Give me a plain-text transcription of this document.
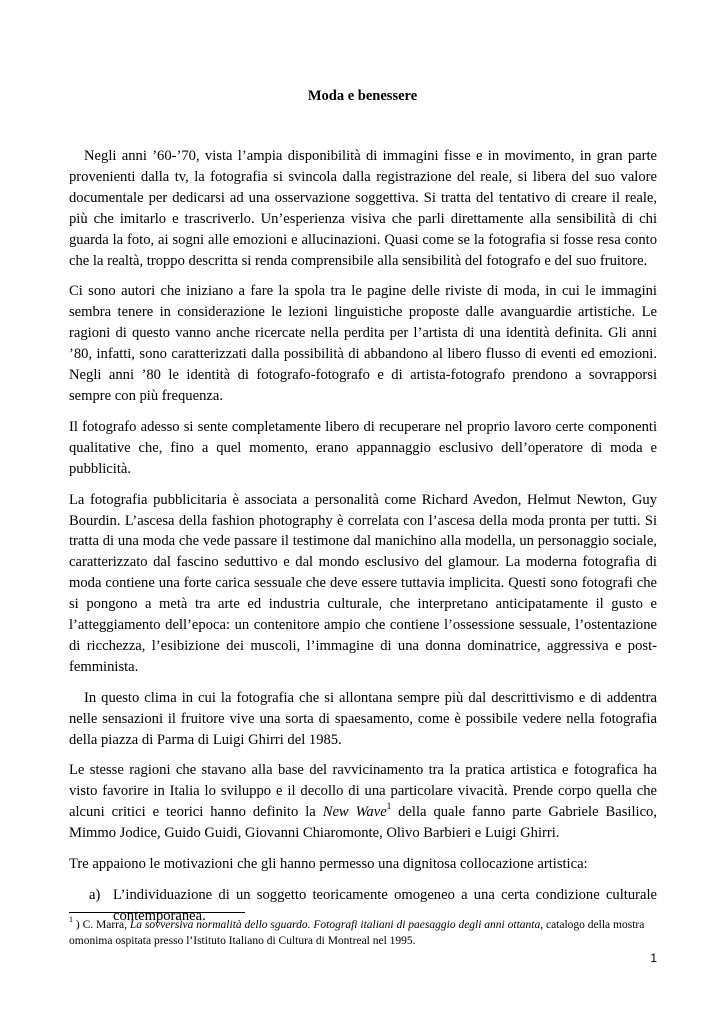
Moda e benessere

Negli anni ’60-’70, vista l’ampia disponibilità di immagini fisse e in movimento, in gran parte provenienti dalla tv, la fotografia si svincola dalla registrazione del reale, si libera del suo valore documentale per dedicarsi ad una osservazione soggettiva. Si tratta del tentativo di creare il reale, più che imitarlo e trascriverlo. Un’esperienza visiva che parli direttamente alla sensibilità di chi guarda la foto, ai sogni alle emozioni e allucinazioni. Quasi come se la fotografia si fosse resa conto che la realtà, troppo descritta si renda comprensibile alla sensibilità del fotografo e del suo fruitore.

Ci sono autori che iniziano a fare la spola tra le pagine delle riviste di moda, in cui le immagini sembra tenere in considerazione le lezioni linguistiche proposte dalle avanguardie artistiche. Le ragioni di questo vanno anche ricercate nella perdita per l’artista di una identità definita. Gli anni ’80, infatti, sono caratterizzati dalla possibilità di abbandono al libero flusso di eventi ed emozioni. Negli anni ’80 le identità di fotografo-fotografo e di artista-fotografo prendono a sovrapporsi sempre con più frequenza.

Il fotografo adesso si sente completamente libero di recuperare nel proprio lavoro certe componenti qualitative che, fino a quel momento, erano appannaggio esclusivo dell’operatore di moda e pubblicità.

La fotografia pubblicitaria è associata a personalità come Richard Avedon, Helmut Newton, Guy Bourdin. L’ascesa della fashion photography è correlata con l’ascesa della moda pronta per tutti. Si tratta di una moda che vede passare il testimone dal manichino alla modella, un personaggio sociale, caratterizzato dal fascino seduttivo e dal mondo esclusivo del glamour. La moderna fotografia di moda contiene una forte carica sessuale che deve essere tuttavia implicita. Questi sono fotografi che si pongono a metà tra arte ed industria culturale, che interpretano anticipatamente il gusto e l’atteggiamento dell’epoca: un contenitore ampio che contiene l’ossessione sessuale, l’ostentazione di ricchezza, l’esibizione dei muscoli, l’immagine di una donna dominatrice, aggressiva e post-femminista.

In questo clima in cui la fotografia che si allontana sempre più dal descrittivismo e di addentra nelle sensazioni il fruitore vive una sorta di spaesamento, come è possibile vedere nella fotografia della piazza di Parma di Luigi Ghirri del 1985.

Le stesse ragioni che stavano alla base del ravvicinamento tra la pratica artistica e fotografica ha visto favorire in Italia lo sviluppo e il decollo di una particolare vivacità. Prende corpo quella che alcuni critici e teorici hanno definito la New Wave$^1$ della quale fanno parte Gabriele Basilico, Mimmo Jodice, Guido Guidi, Giovanni Chiaromonte, Olivo Barbieri e Luigi Ghirri.

Tre appaiono le motivazioni che gli hanno permesso una dignitosa collocazione artistica:

a) L’individuazione di un soggetto teoricamente omogeneo a una certa condizione culturale contemporanea.
$^1$ ) C. Marra, La sovversiva normalità dello sguardo. Fotografi italiani di paesaggio degli anni ottanta, catalogo della mostra omonima ospitata presso l’Istituto Italiano di Cultura di Montreal nel 1995.
1
